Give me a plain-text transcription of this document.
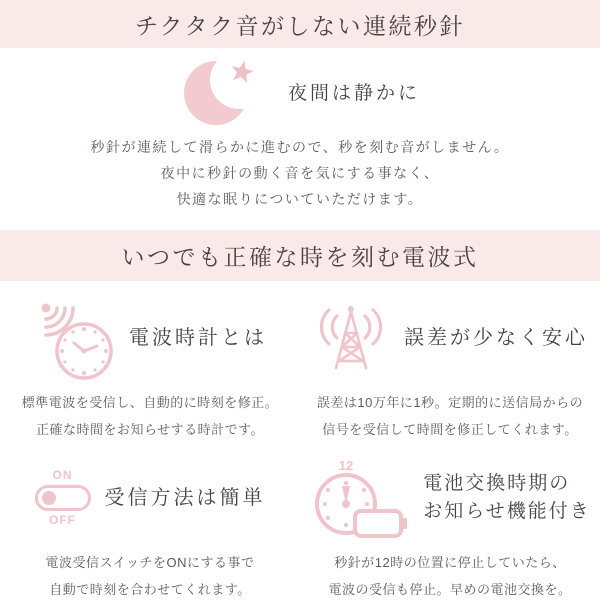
チクタク音がしない連続秒針
夜間は静かに
秒針が連続して滑らかに進むので、秒を刻む音がしません。
夜中に秒針の動く音を気にする事なく、
快適な眠りについていただけます。
いつでも正確な時を刻む電波式
電波時計とは
標準電波を受信し、自動的に時刻を修正。
正確な時間をお知らせする時計です。
誤差が少なく安心
誤差は10万年に1秒。定期的に送信局からの
信号を受信して時間を修正してくれます。
ON
OFF
受信方法は簡単
電波受信スイッチをONにする事で
自動で時刻を合わせてくれます。
12
電池交換時期の
お知らせ機能付き
秒針が12時の位置に停止していたら、
電波の受信も停止。早めの電池交換を。
